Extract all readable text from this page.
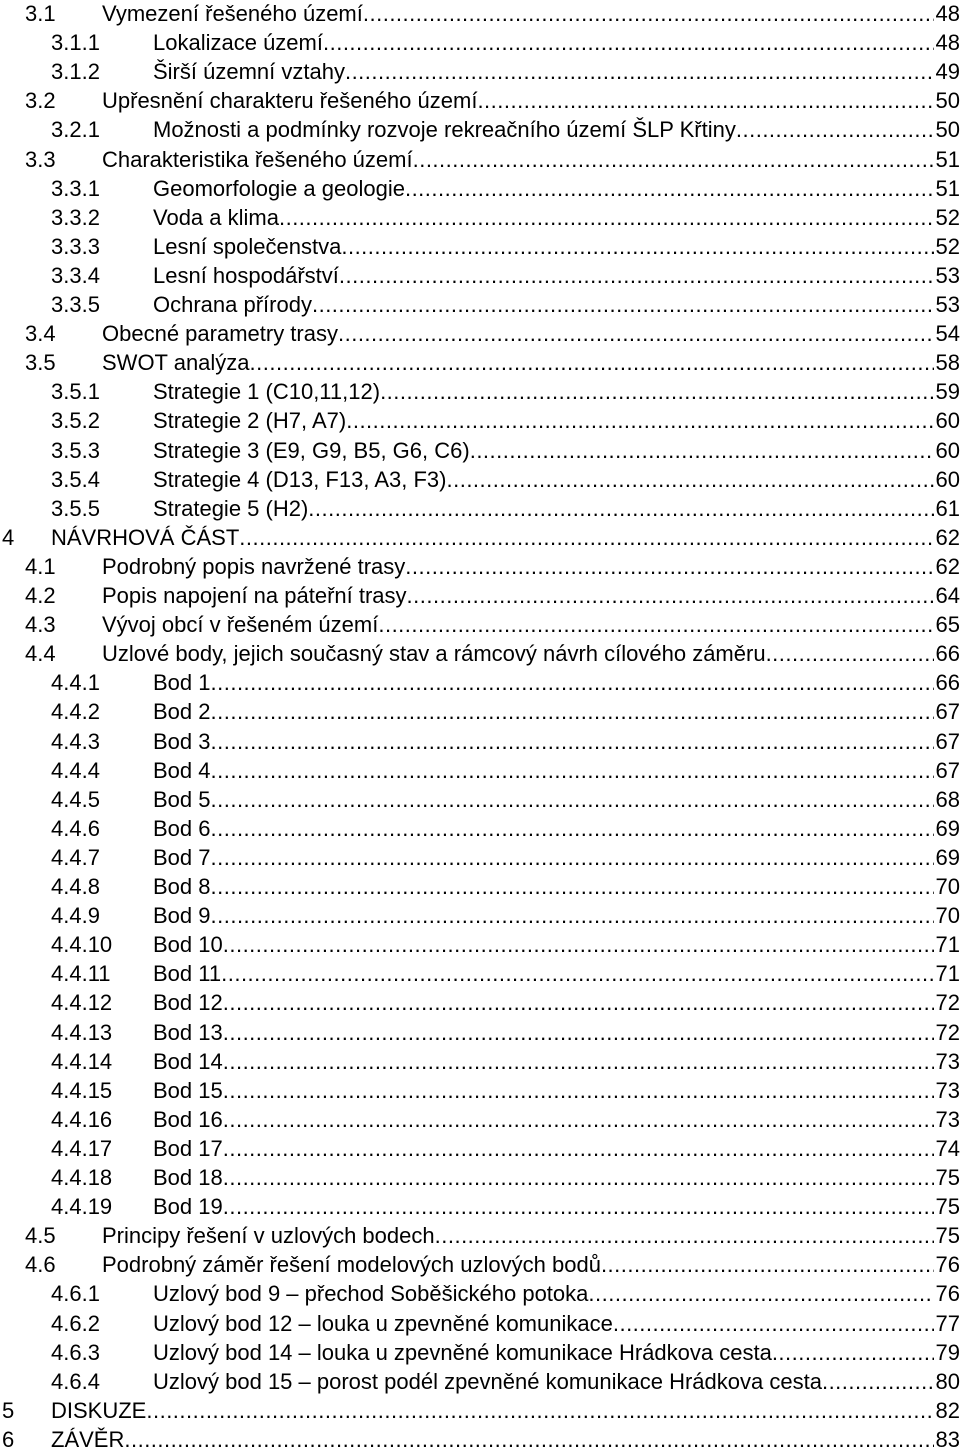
3.1 Vymezení řešeného území .....	48
3.1.1 Lokalizace území .....	48
3.1.2 Širší územní vztahy .....	49
3.2 Upřesnění charakteru řešeného území .....	50
3.2.1 Možnosti a podmínky rozvoje rekreačního území ŠLP Křtiny .....	50
3.3 Charakteristika řešeného území .....	51
3.3.1 Geomorfologie a geologie .....	51
3.3.2 Voda a klima .....	52
3.3.3 Lesní společenstva .....	52
3.3.4 Lesní hospodářství .....	53
3.3.5 Ochrana přírody .....	53
3.4 Obecné parametry trasy .....	54
3.5 SWOT analýza .....	58
3.5.1 Strategie 1 (C10,11,12) .....	59
3.5.2 Strategie 2 (H7, A7) .....	60
3.5.3 Strategie 3 (E9, G9, B5, G6, C6) .....	60
3.5.4 Strategie 4 (D13, F13, A3, F3) .....	60
3.5.5 Strategie 5 (H2) .....	61
4 NÁVRHOVÁ ČÁST .....	62
4.1 Podrobný popis navržené trasy .....	62
4.2 Popis napojení na páteřní trasy .....	64
4.3 Vývoj obcí v řešeném území .....	65
4.4 Uzlové body, jejich současný stav a rámcový návrh cílového záměru .....	66
4.4.1 Bod 1 .....	66
4.4.2 Bod 2 .....	67
4.4.3 Bod 3 .....	67
4.4.4 Bod 4 .....	67
4.4.5 Bod 5 .....	68
4.4.6 Bod 6 .....	69
4.4.7 Bod 7 .....	69
4.4.8 Bod 8 .....	70
4.4.9 Bod 9 .....	70
4.4.10 Bod 10 .....	71
4.4.11 Bod 11 .....	71
4.4.12 Bod 12 .....	72
4.4.13 Bod 13 .....	72
4.4.14 Bod 14 .....	73
4.4.15 Bod 15 .....	73
4.4.16 Bod 16 .....	73
4.4.17 Bod 17 .....	74
4.4.18 Bod 18 .....	75
4.4.19 Bod 19 .....	75
4.5 Principy řešení v uzlových bodech .....	75
4.6 Podrobný záměr řešení modelových uzlových bodů .....	76
4.6.1 Uzlový bod 9 – přechod Soběšického potoka .....	76
4.6.2 Uzlový bod 12 – louka u zpevněné komunikace .....	77
4.6.3 Uzlový bod 14 – louka u zpevněné komunikace Hrádkova cesta .....	79
4.6.4 Uzlový bod 15 – porost podél zpevněné komunikace Hrádkova cesta .....	80
5 DISKUZE .....	82
6 ZÁVĚR .....	83
